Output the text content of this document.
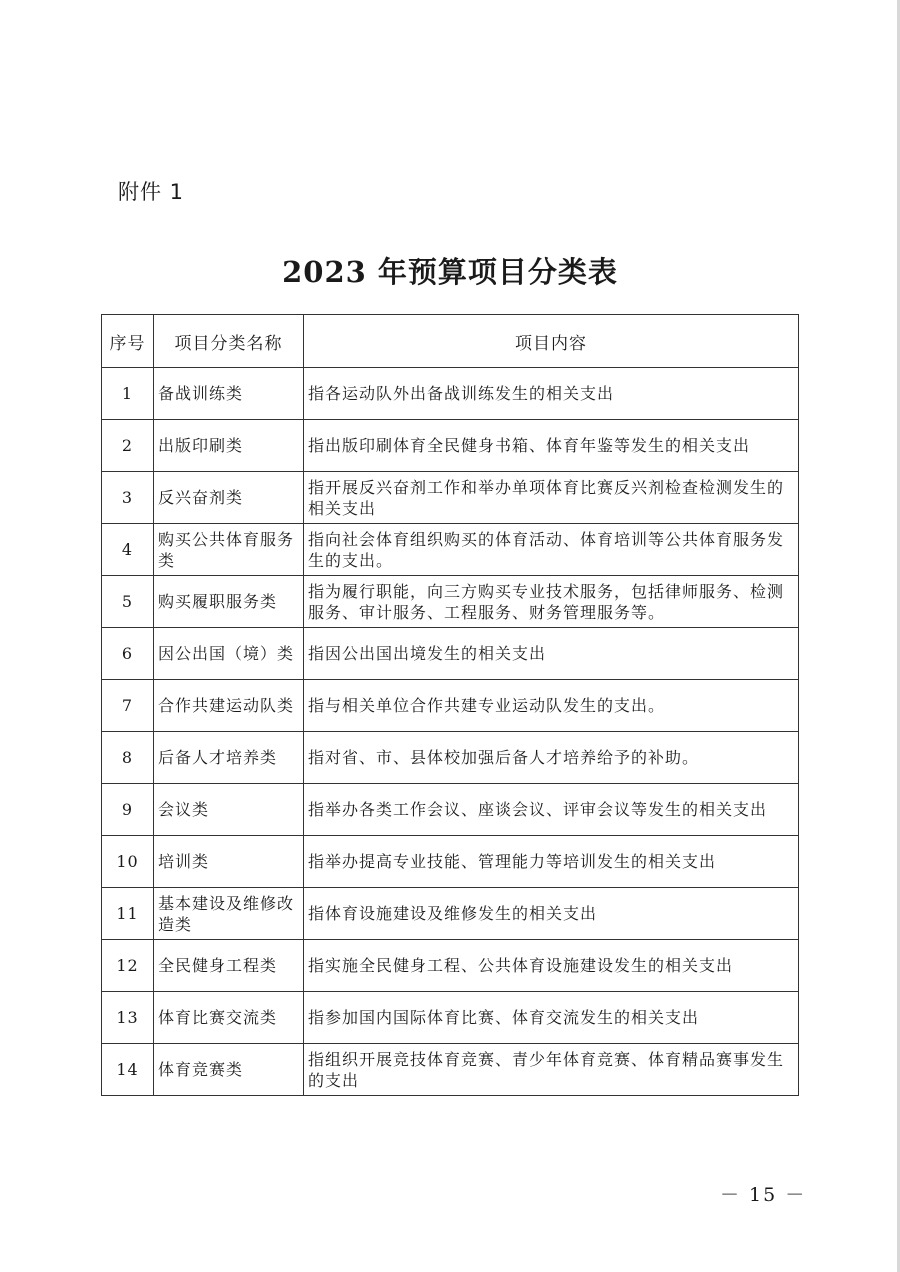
附件 1
2023 年预算项目分类表
序号	项目分类名称	项目内容
1	备战训练类	指各运动队外出备战训练发生的相关支出
2	出版印刷类	指出版印刷体育全民健身书箱、体育年鉴等发生的相关支出
3	反兴奋剂类	指开展反兴奋剂工作和举办单项体育比赛反兴剂检查检测发生的相关支出
4	购买公共体育服务类	指向社会体育组织购买的体育活动、体育培训等公共体育服务发生的支出。
5	购买履职服务类	指为履行职能，向三方购买专业技术服务，包括律师服务、检测服务、审计服务、工程服务、财务管理服务等。
6	因公出国（境）类	指因公出国出境发生的相关支出
7	合作共建运动队类	指与相关单位合作共建专业运动队发生的支出。
8	后备人才培养类	指对省、市、县体校加强后备人才培养给予的补助。
9	会议类	指举办各类工作会议、座谈会议、评审会议等发生的相关支出
10	培训类	指举办提高专业技能、管理能力等培训发生的相关支出
11	基本建设及维修改造类	指体育设施建设及维修发生的相关支出
12	全民健身工程类	指实施全民健身工程、公共体育设施建设发生的相关支出
13	体育比赛交流类	指参加国内国际体育比赛、体育交流发生的相关支出
14	体育竞赛类	指组织开展竞技体育竞赛、青少年体育竞赛、体育精品赛事发生的支出
－ 15 －
